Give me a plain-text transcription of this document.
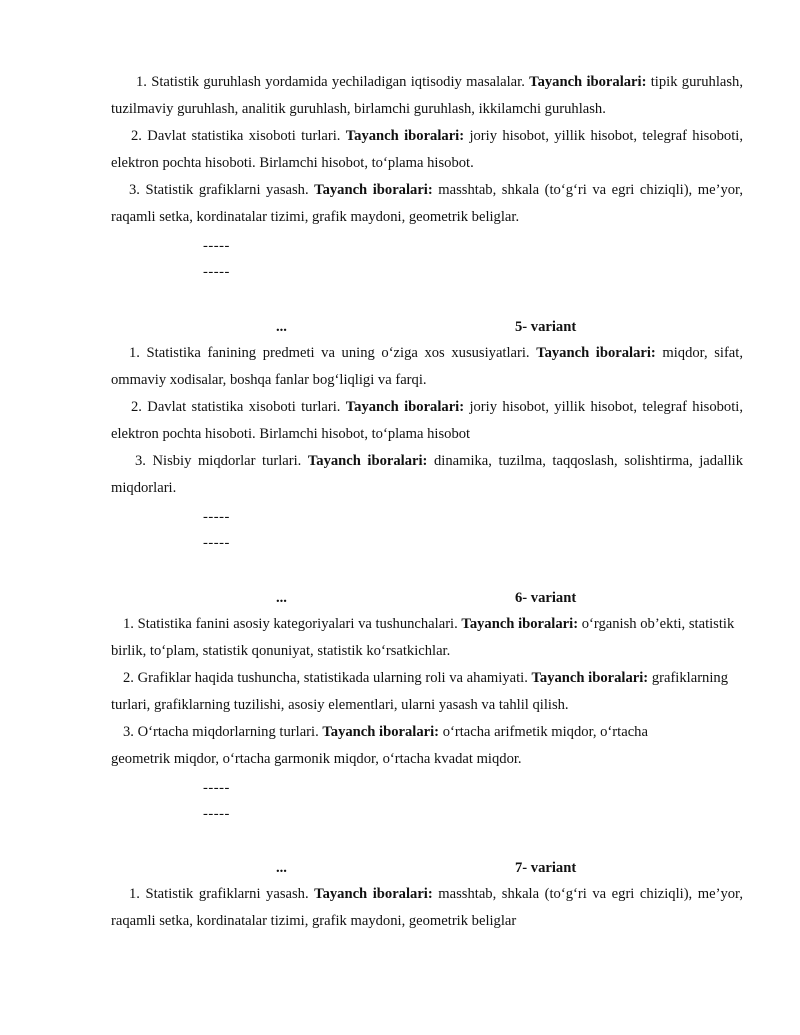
1. Statistik guruhlash yordamida yechiladigan iqtisodiy masalalar. Tayanch iboralari: tipik guruhlash, tuzilmaviy guruhlash, analitik guruhlash, birlamchi guruhlash, ikkilamchi guruhlash.

2. Davlat statistika xisoboti turlari. Tayanch iboralari: joriy hisobot, yillik hisobot, telegraf hisoboti, elektron pochta hisoboti. Birlamchi hisobot, to‘plama hisobot.

3. Statistik grafiklarni yasash. Tayanch iboralari: masshtab, shkala (to‘g‘ri va egri chiziqli), me’yor, raqamli setka, kordinatalar tizimi, grafik maydoni, geometrik beliglar.

-----

-----

...	5- variant

1. Statistika fanining predmeti va uning o‘ziga xos xususiyatlari. Tayanch iboralari: miqdor, sifat, ommaviy xodisalar, boshqa fanlar bog‘liqligi va farqi.

2. Davlat statistika xisoboti turlari. Tayanch iboralari: joriy hisobot, yillik hisobot, telegraf hisoboti, elektron pochta hisoboti. Birlamchi hisobot, to‘plama hisobot

3. Nisbiy miqdorlar turlari. Tayanch iboralari: dinamika, tuzilma, taqqoslash, solishtirma, jadallik miqdorlari.

-----

-----

...	6- variant

1. Statistika fanini asosiy kategoriyalari va tushunchalari. Tayanch iboralari: o‘rganish ob’ekti, statistik birlik, to‘plam, statistik qonuniyat, statistik ko‘rsatkichlar.

2. Grafiklar haqida tushuncha, statistikada ularning roli va ahamiyati. Tayanch iboralari: grafiklarning turlari, grafiklarning tuzilishi, asosiy elementlari, ularni yasash va tahlil qilish.

3. O‘rtacha miqdorlarning turlari. Tayanch iboralari: o‘rtacha arifmetik miqdor, o‘rtacha geometrik miqdor, o‘rtacha garmonik miqdor, o‘rtacha kvadat miqdor.

-----

-----

...	7- variant

1. Statistik grafiklarni yasash. Tayanch iboralari: masshtab, shkala (to‘g‘ri va egri chiziqli), me’yor, raqamli setka, kordinatalar tizimi, grafik maydoni, geometrik beliglar
